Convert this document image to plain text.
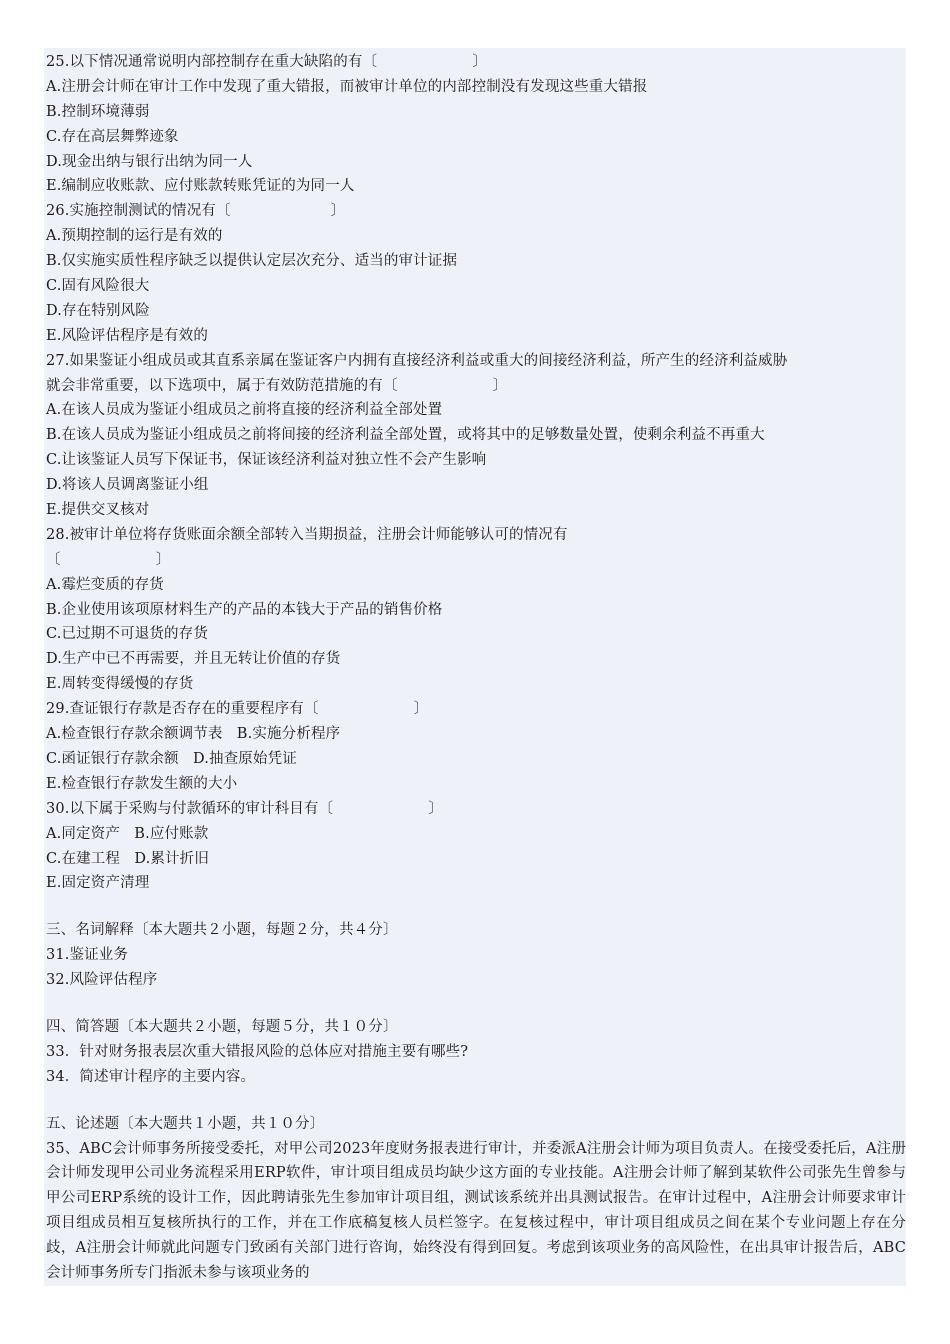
25.以下情况通常说明内部控制存在重大缺陷的有〔                    〕
A.注册会计师在审计工作中发现了重大错报，而被审计单位的内部控制没有发现这些重大错报
B.控制环境薄弱
C.存在高层舞弊迹象
D.现金出纳与银行出纳为同一人
E.编制应收账款、应付账款转账凭证的为同一人
26.实施控制测试的情况有〔                     〕
A.预期控制的运行是有效的
B.仅实施实质性程序缺乏以提供认定层次充分、适当的审计证据
C.固有风险很大
D.存在特别风险
E.风险评估程序是有效的
27.如果鉴证小组成员或其直系亲属在鉴证客户内拥有直接经济利益或重大的间接经济利益，所产生的经济利益威胁
就会非常重要，以下选项中，属于有效防范措施的有〔                    〕
A.在该人员成为鉴证小组成员之前将直接的经济利益全部处置
B.在该人员成为鉴证小组成员之前将间接的经济利益全部处置，或将其中的足够数量处置，使剩余利益不再重大
C.让该鉴证人员写下保证书，保证该经济利益对独立性不会产生影响
D.将该人员调离鉴证小组
E.提供交叉核对
28.被审计单位将存货账面余额全部转入当期损益，注册会计师能够认可的情况有
〔                    〕
A.霉烂变质的存货
B.企业使用该项原材料生产的产品的本钱大于产品的销售价格
C.已过期不可退货的存货
D.生产中已不再需要，并且无转让价值的存货
E.周转变得缓慢的存货
29.查证银行存款是否存在的重要程序有〔                    〕
A.检查银行存款余额调节表   B.实施分析程序
C.函证银行存款余额   D.抽查原始凭证
E.检查银行存款发生额的大小
30.以下属于采购与付款循环的审计科目有〔                    〕
A.同定资产   B.应付账款
C.在建工程   D.累计折旧
E.固定资产清理
三、名词解释〔本大题共２小题，每题２分，共４分〕
31.鉴证业务
32.风险评估程序
四、简答题〔本大题共２小题，每题５分，共１０分〕
33．针对财务报表层次重大错报风险的总体应对措施主要有哪些?
34．简述审计程序的主要内容。
五、论述题〔本大题共１小题，共１０分〕
35、ABC会计师事务所接受委托，对甲公司2023年度财务报表进行审计，并委派A注册会计师为项目负责人。在接受委托后，A注册会计师发现甲公司业务流程采用ERP软件，审计项目组成员均缺少这方面的专业技能。A注册会计师了解到某软件公司张先生曾参与甲公司ERP系统的设计工作，因此聘请张先生参加审计项目组，测试该系统并出具测试报告。在审计过程中，A注册会计师要求审计项目组成员相互复核所执行的工作，并在工作底稿复核人员栏签字。在复核过程中，审计项目组成员之间在某个专业问题上存在分歧，A注册会计师就此问题专门致函有关部门进行咨询，始终没有得到回复。考虑到该项业务的高风险性，在出具审计报告后，ABC会计师事务所专门指派未参与该项业务的
